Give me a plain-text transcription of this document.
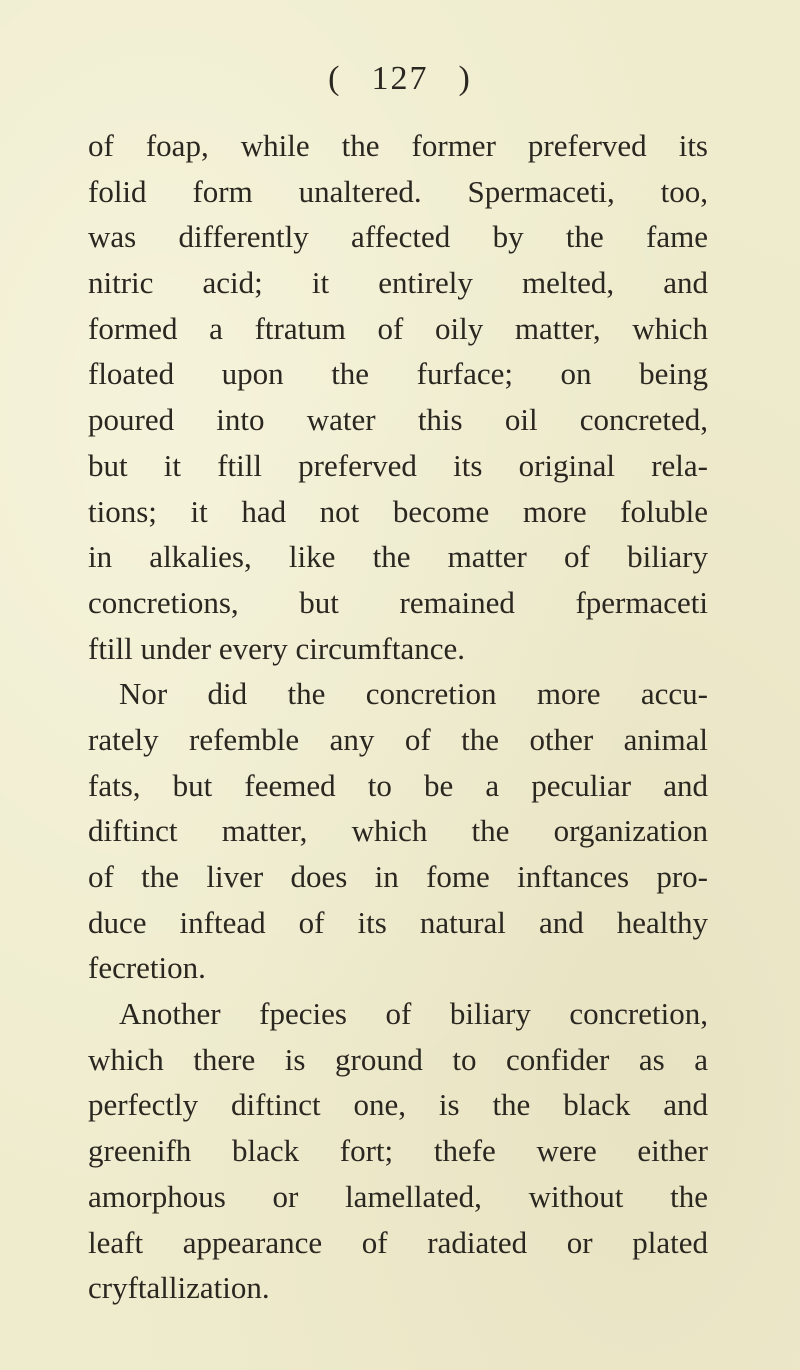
( 127 )
of foap, while the former preferved its
folid form unaltered. Spermaceti, too,
was differently affected by the fame
nitric acid; it entirely melted, and
formed a ftratum of oily matter, which
floated upon the furface; on being
poured into water this oil concreted,
but it ftill preferved its original rela-
tions; it had not become more foluble
in alkalies, like the matter of biliary
concretions, but remained fpermaceti
ftill under every circumftance.
Nor did the concretion more accu-
rately refemble any of the other animal
fats, but feemed to be a peculiar and
diftinct matter, which the organization
of the liver does in fome inftances pro-
duce inftead of its natural and healthy
fecretion.
Another fpecies of biliary concretion,
which there is ground to confider as a
perfectly diftinct one, is the black and
greenifh black fort; thefe were either
amorphous or lamellated, without the
leaft appearance of radiated or plated
cryftallization.
